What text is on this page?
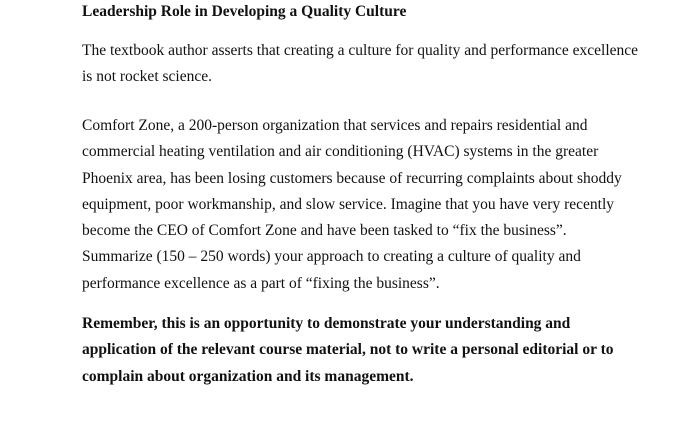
Leadership Role in Developing a Quality Culture
The textbook author asserts that creating a culture for quality and performance excellence
is not rocket science.
Comfort Zone, a 200-person organization that services and repairs residential and
commercial heating ventilation and air conditioning (HVAC) systems in the greater
Phoenix area, has been losing customers because of recurring complaints about shoddy
equipment, poor workmanship, and slow service. Imagine that you have very recently
become the CEO of Comfort Zone and have been tasked to “fix the business”.
Summarize (150 – 250 words) your approach to creating a culture of quality and
performance excellence as a part of “fixing the business”.
Remember, this is an opportunity to demonstrate your understanding and
application of the relevant course material, not to write a personal editorial or to
complain about organization and its management.
